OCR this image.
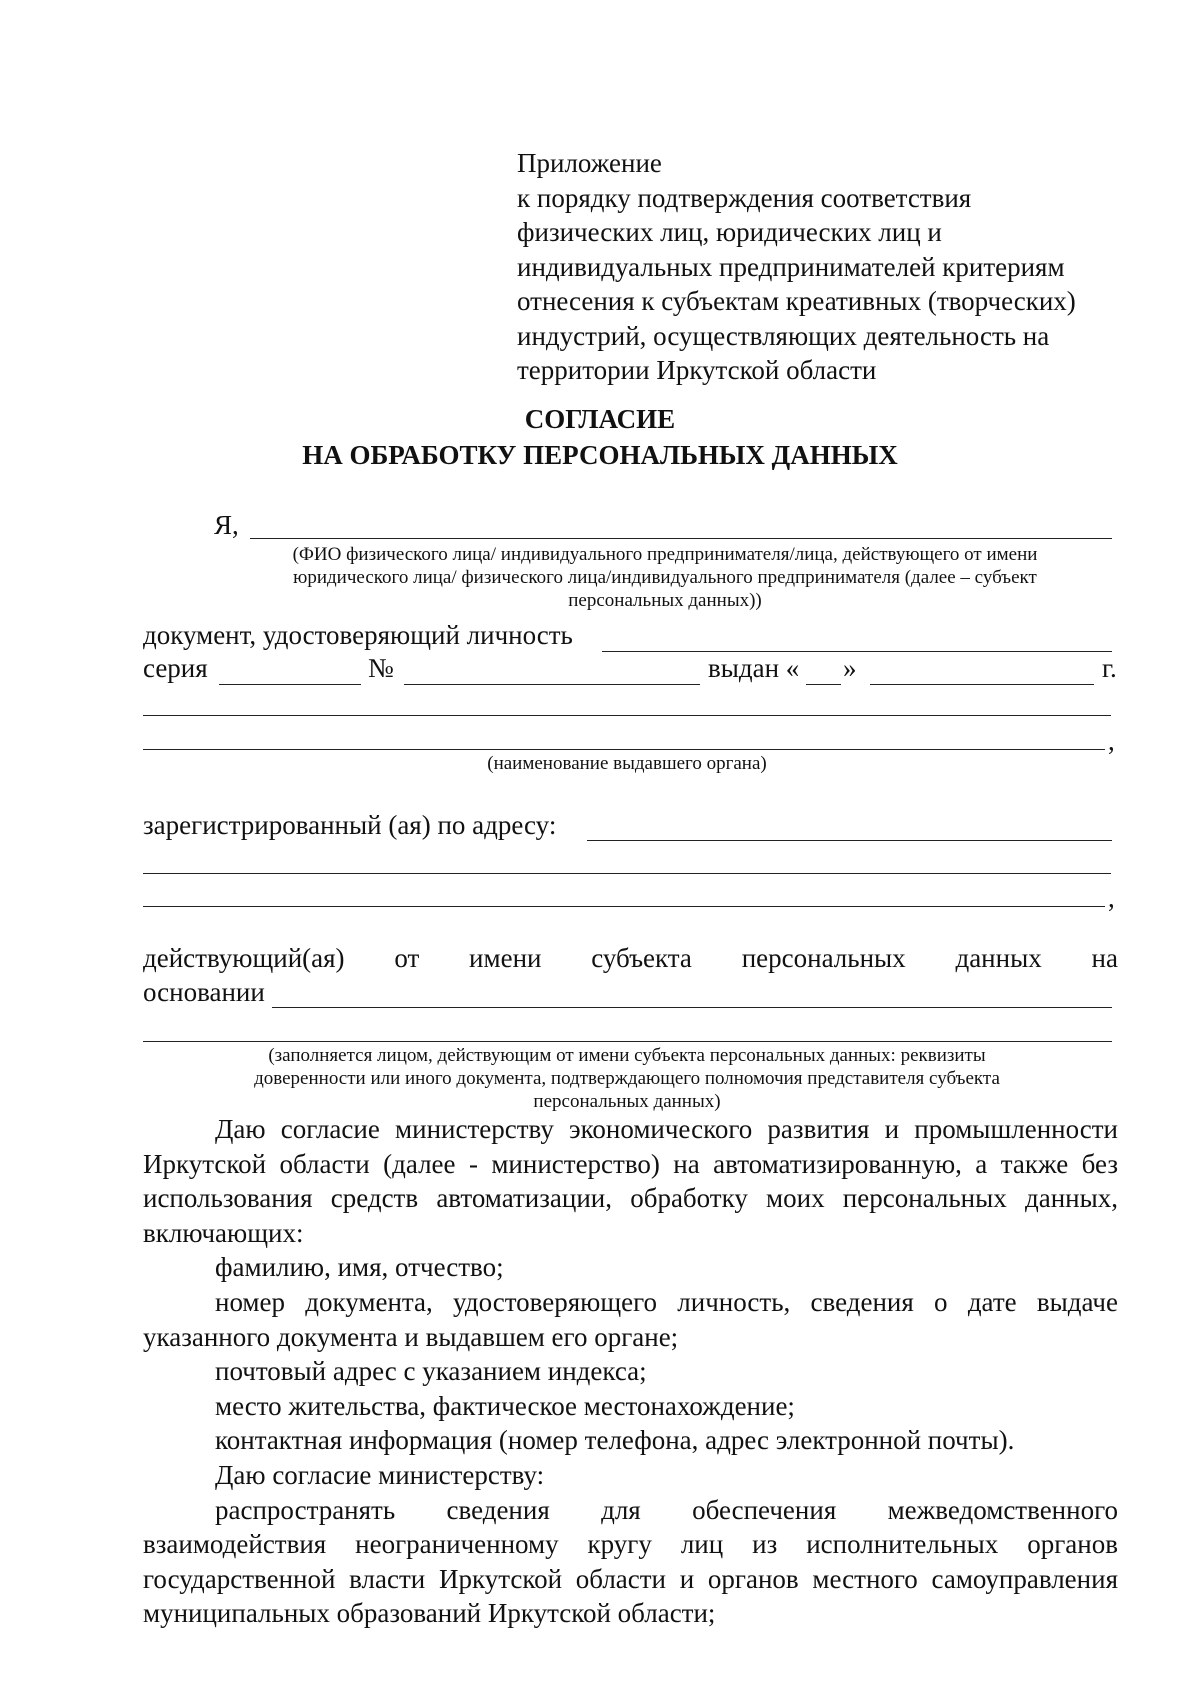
Приложение
к порядку подтверждения соответствия
физических лиц, юридических лиц и
индивидуальных предпринимателей критериям
отнесения к субъектам креативных (творческих)
индустрий, осуществляющих деятельность на
территории Иркутской области
СОГЛАСИЕ
НА ОБРАБОТКУ ПЕРСОНАЛЬНЫХ ДАННЫХ
Я,
(ФИО физического лица/ индивидуального предпринимателя/лица, действующего от имени
юридического лица/ физического лица/индивидуального предпринимателя (далее – субъект
персональных данных))
документ, удостоверяющий личность
серия	№	выдан « »	г.
,
(наименование выдавшего органа)
зарегистрированный (ая) по адресу:
,
действующий(ая) от имени субъекта персональных данных на
основании
(заполняется лицом, действующим от имени субъекта персональных данных: реквизиты
доверенности или иного документа, подтверждающего полномочия представителя субъекта
персональных данных)
Даю согласие министерству экономического развития и промышленности
Иркутской области (далее - министерство) на автоматизированную, а также без
использования средств автоматизации, обработку моих персональных данных,
включающих:
фамилию, имя, отчество;
номер документа, удостоверяющего личность, сведения о дате выдаче
указанного документа и выдавшем его органе;
почтовый адрес с указанием индекса;
место жительства, фактическое местонахождение;
контактная информация (номер телефона, адрес электронной почты).
Даю согласие министерству:
распространять сведения для обеспечения межведомственного
взаимодействия неограниченному кругу лиц из исполнительных органов
государственной власти Иркутской области и органов местного самоуправления
муниципальных образований Иркутской области;
